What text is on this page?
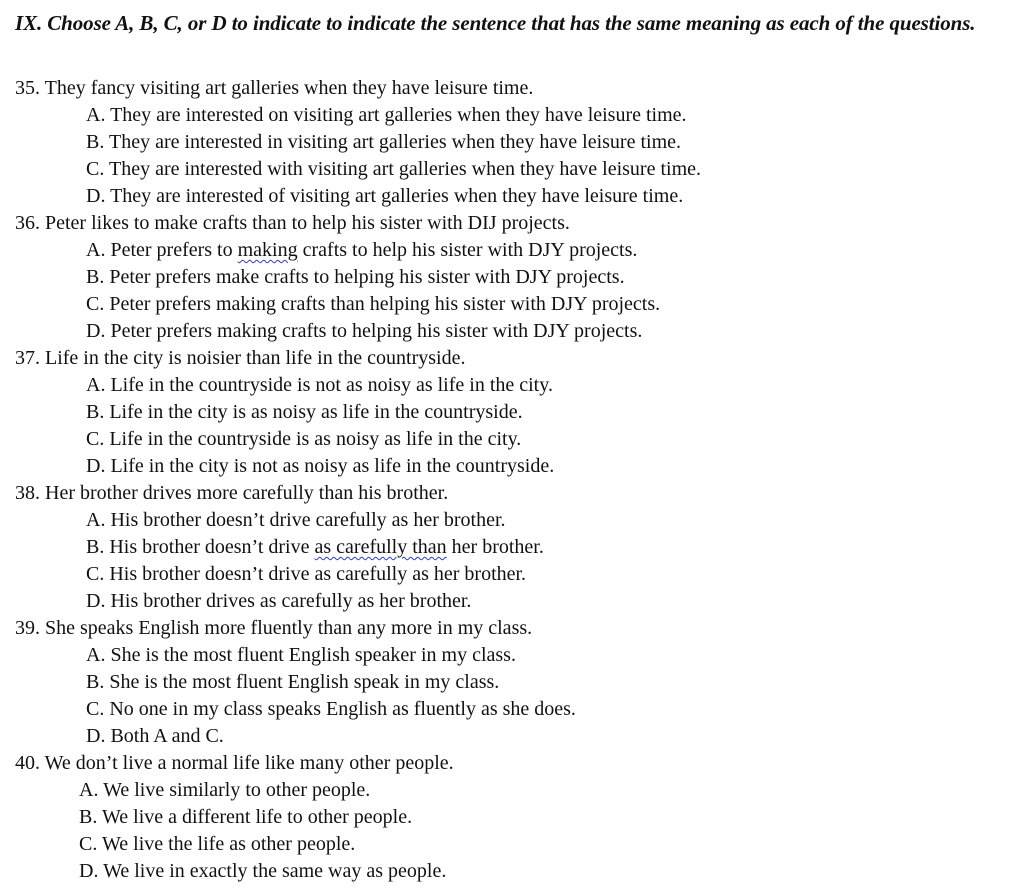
IX. Choose A, B, C, or D to indicate to indicate the sentence that has the same meaning as each of the questions.
35. They fancy visiting art galleries when they have leisure time.
A. They are interested on visiting art galleries when they have leisure time.
B. They are interested in visiting art galleries when they have leisure time.
C. They are interested with visiting art galleries when they have leisure time.
D. They are interested of visiting art galleries when they have leisure time.
36. Peter likes to make crafts than to help his sister with DIJ projects.
A. Peter prefers to making crafts to help his sister with DJY projects.
B. Peter prefers make crafts to helping his sister with DJY projects.
C. Peter prefers making crafts than helping his sister with DJY projects.
D. Peter prefers making crafts to helping his sister with DJY projects.
37. Life in the city is noisier than life in the countryside.
A. Life in the countryside is not as noisy as life in the city.
B. Life in the city is as noisy as life in the countryside.
C. Life in the countryside is as noisy as life in the city.
D. Life in the city is not as noisy as life in the countryside.
38. Her brother drives more carefully than his brother.
A. His brother doesn’t drive carefully as her brother.
B. His brother doesn’t drive as carefully than her brother.
C. His brother doesn’t drive as carefully as her brother.
D. His brother drives as carefully as her brother.
39. She speaks English more fluently than any more in my class.
A. She is the most fluent English speaker in my class.
B. She is the most fluent English speak in my class.
C. No one in my class speaks English as fluently as she does.
D. Both A and C.
40. We don’t live a normal life like many other people.
A. We live similarly to other people.
B. We live a different life to other people.
C. We live the life as other people.
D. We live in exactly the same way as people.
